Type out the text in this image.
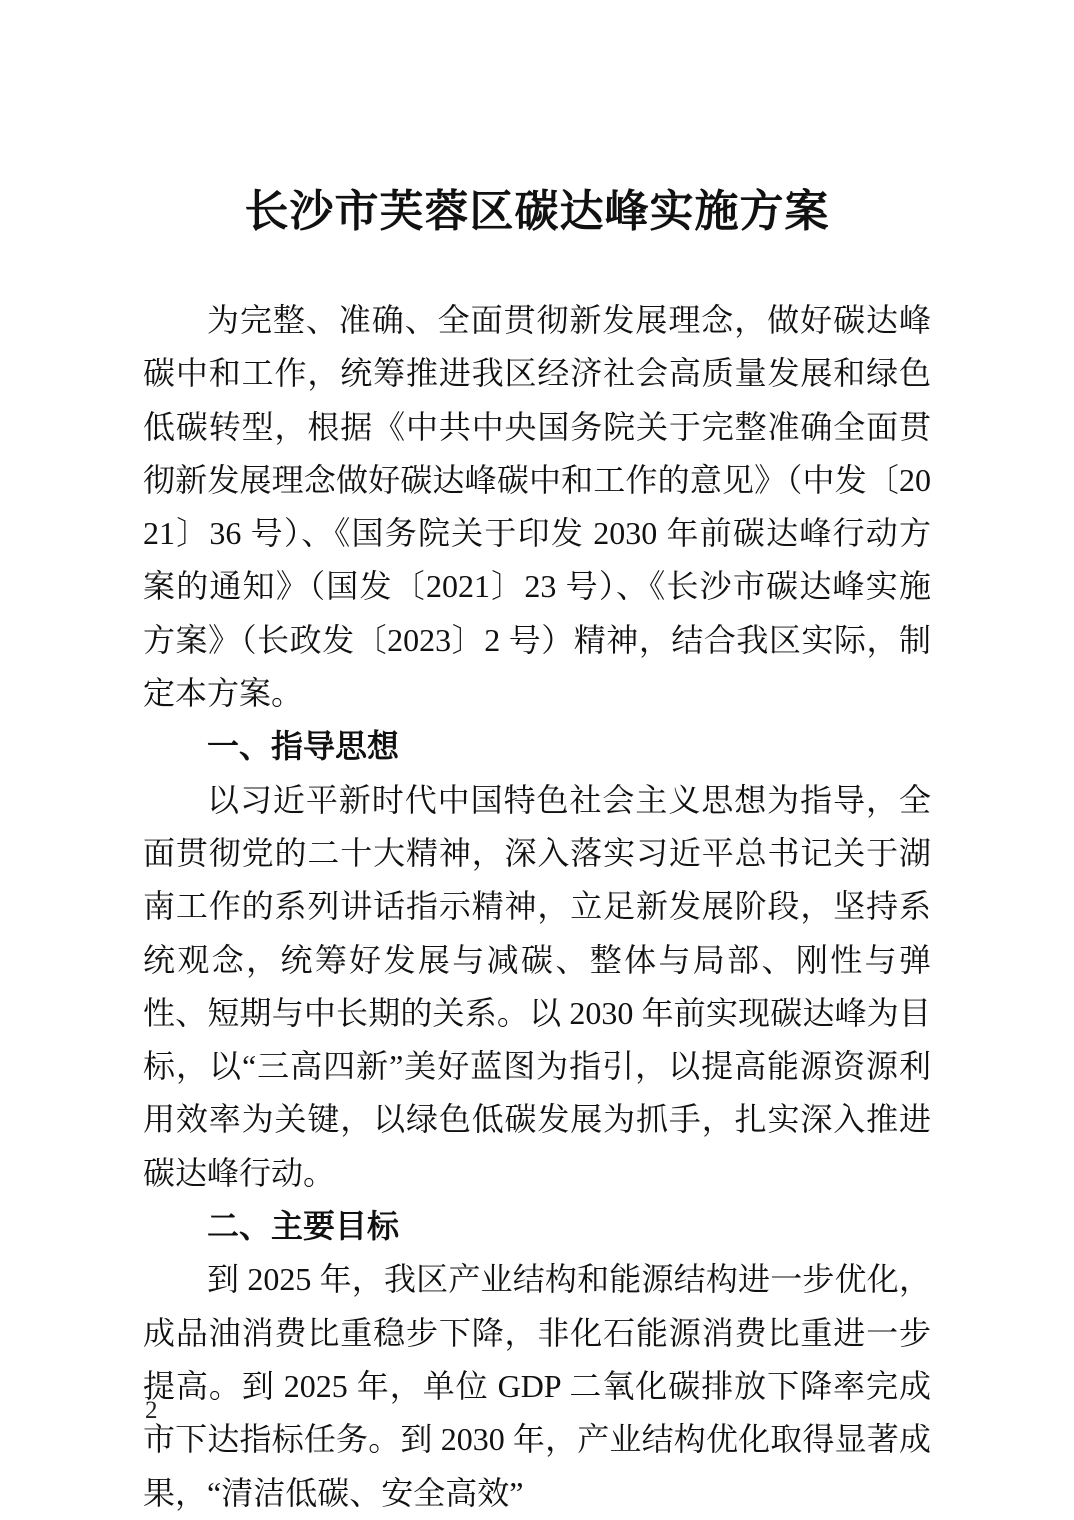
长沙市芙蓉区碳达峰实施方案

为完整、准确、全面贯彻新发展理念，做好碳达峰碳中和工作，统筹推进我区经济社会高质量发展和绿色低碳转型，根据《中共中央国务院关于完整准确全面贯彻新发展理念做好碳达峰碳中和工作的意见》（中发〔2021〕36 号）、《国务院关于印发 2030 年前碳达峰行动方案的通知》（国发〔2021〕23 号）、《长沙市碳达峰实施方案》（长政发〔2023〕2 号）精神，结合我区实际，制定本方案。

一、指导思想

以习近平新时代中国特色社会主义思想为指导，全面贯彻党的二十大精神，深入落实习近平总书记关于湖南工作的系列讲话指示精神，立足新发展阶段，坚持系统观念，统筹好发展与减碳、整体与局部、刚性与弹性、短期与中长期的关系。以 2030 年前实现碳达峰为目标，以“三高四新”美好蓝图为指引，以提高能源资源利用效率为关键，以绿色低碳发展为抓手，扎实深入推进碳达峰行动。

二、主要目标

到 2025 年，我区产业结构和能源结构进一步优化，成品油消费比重稳步下降，非化石能源消费比重进一步提高。到 2025 年，单位 GDP 二氧化碳排放下降率完成市下达指标任务。到 2030 年，产业结构优化取得显著成果，“清洁低碳、安全高效”

2
